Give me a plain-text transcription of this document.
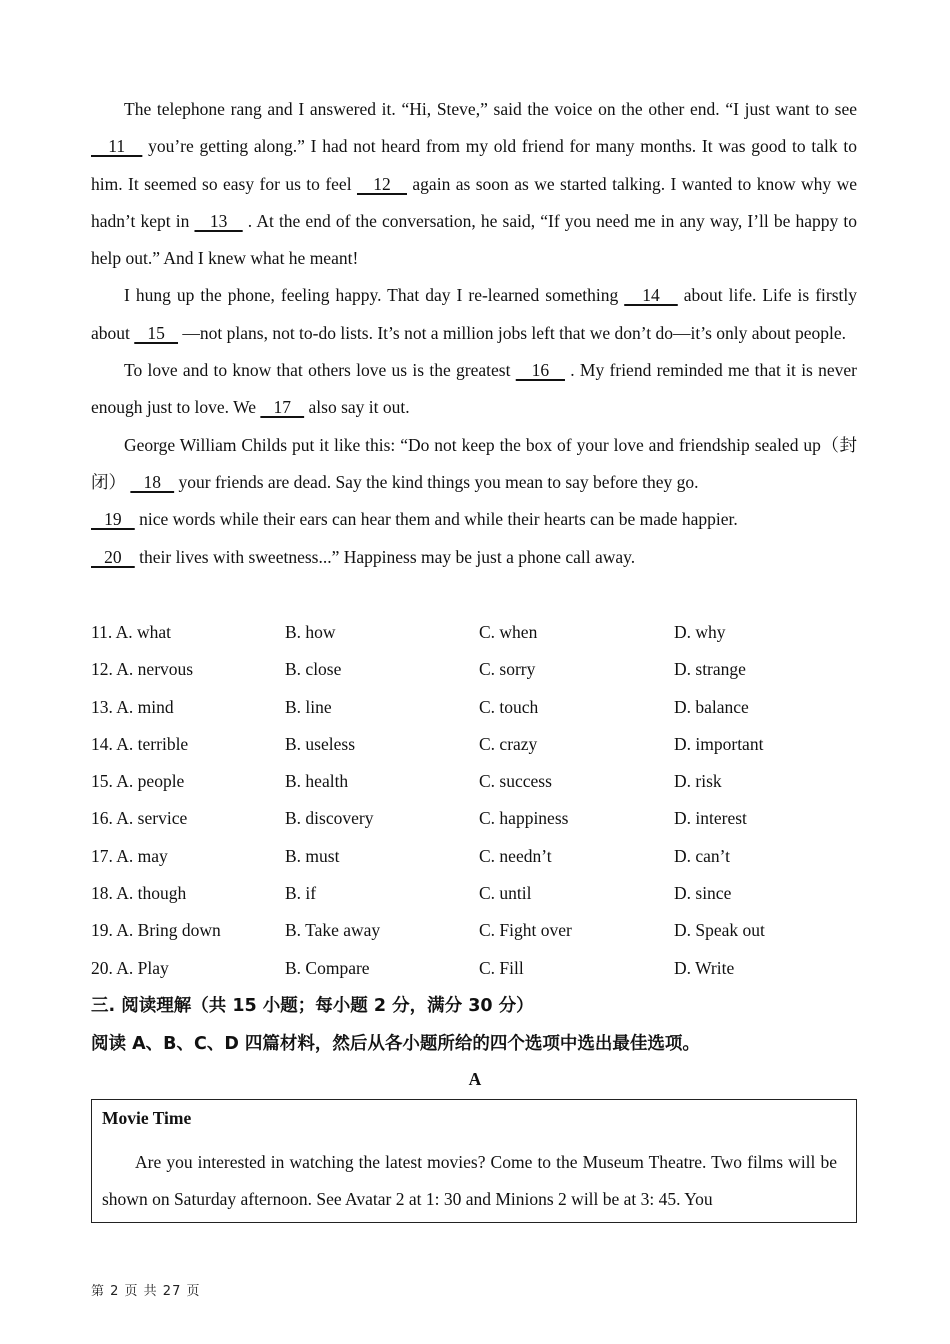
The telephone rang and I answered it. “Hi, Steve,” said the voice on the other end. “I just want to see    11    you’re getting along.” I had not heard from my old friend for many months. It was good to talk to him. It seemed so easy for us to feel    12    again as soon as we started talking. I wanted to know why we hadn’t kept in    13    . At the end of the conversation, he said, “If you need me in any way, I’ll be happy to help out.” And I knew what he meant!

I hung up the phone, feeling happy. That day I re-learned something    14    about life. Life is firstly about    15    —not plans, not to-do lists. It’s not a million jobs left that we don’t do—it’s only about people.

To love and to know that others love us is the greatest    16    . My friend reminded me that it is never enough just to love. We    17    also say it out.

George William Childs put it like this: “Do not keep the box of your love and friendship sealed up（封闭）    18    your friends are dead. Say the kind things you mean to say before they go.
19    nice words while their ears can hear them and while their hearts can be made happier.
20    their lives with sweetness...” Happiness may be just a phone call away.

11. A. what	B. how	C. when	D. why
12. A. nervous	B. close	C. sorry	D. strange
13. A. mind	B. line	C. touch	D. balance
14. A. terrible	B. useless	C. crazy	D. important
15. A. people	B. health	C. success	D. risk
16. A. service	B. discovery	C. happiness	D. interest
17. A. may	B. must	C. needn’t	D. can’t
18. A. though	B. if	C. until	D. since
19. A. Bring down	B. Take away	C. Fight over	D. Speak out
20. A. Play	B. Compare	C. Fill	D. Write
三. 阅读理解（共 15 小题；每小题 2 分，满分 30 分）
阅读 A、B、C、D 四篇材料，然后从各小题所给的四个选项中选出最佳选项。
A
Movie Time

Are you interested in watching the latest movies? Come to the Museum Theatre. Two films will be shown on Saturday afternoon. See Avatar 2 at 1: 30 and Minions 2 will be at 3: 45. You

第 2 页 共 27 页
